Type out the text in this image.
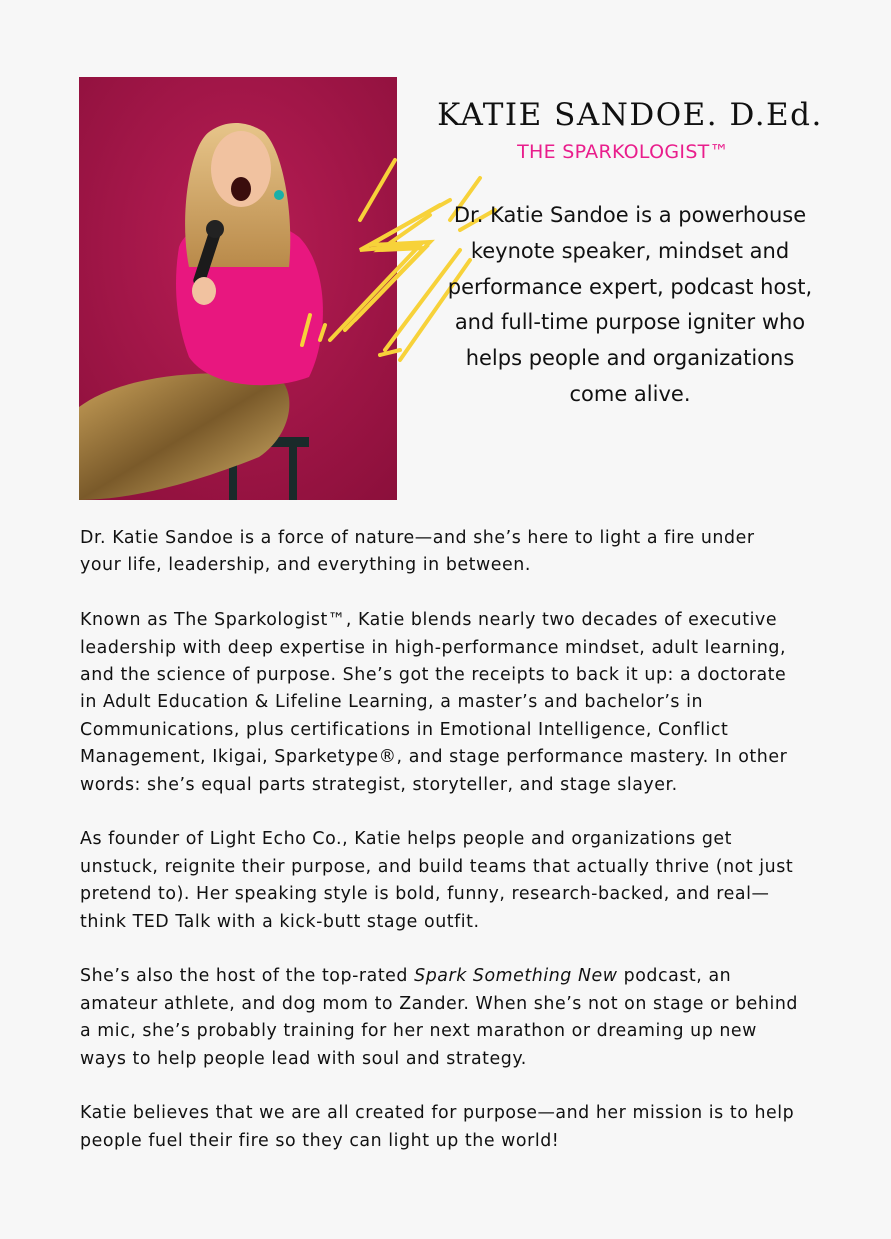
KATIE SANDOE. D.Ed.
THE SPARKOLOGIST™
Dr. Katie Sandoe is a powerhouse keynote speaker, mindset and performance expert, podcast host, and full-time purpose igniter who helps people and organizations come alive.

Dr. Katie Sandoe is a force of nature—and she’s here to light a fire under your life, leadership, and everything in between.

Known as The Sparkologist™, Katie blends nearly two decades of executive leadership with deep expertise in high-performance mindset, adult learning, and the science of purpose. She’s got the receipts to back it up: a doctorate in Adult Education & Lifeline Learning, a master’s and bachelor’s in Communications, plus certifications in Emotional Intelligence, Conflict Management, Ikigai, Sparketype®, and stage performance mastery. In other words: she’s equal parts strategist, storyteller, and stage slayer.

As founder of Light Echo Co., Katie helps people and organizations get unstuck, reignite their purpose, and build teams that actually thrive (not just pretend to). Her speaking style is bold, funny, research-backed, and real—think TED Talk with a kick-butt stage outfit.

She’s also the host of the top-rated Spark Something New podcast, an amateur athlete, and dog mom to Zander. When she’s not on stage or behind a mic, she’s probably training for her next marathon or dreaming up new ways to help people lead with soul and strategy.

Katie believes that we are all created for purpose—and her mission is to help people fuel their fire so they can light up the world!
